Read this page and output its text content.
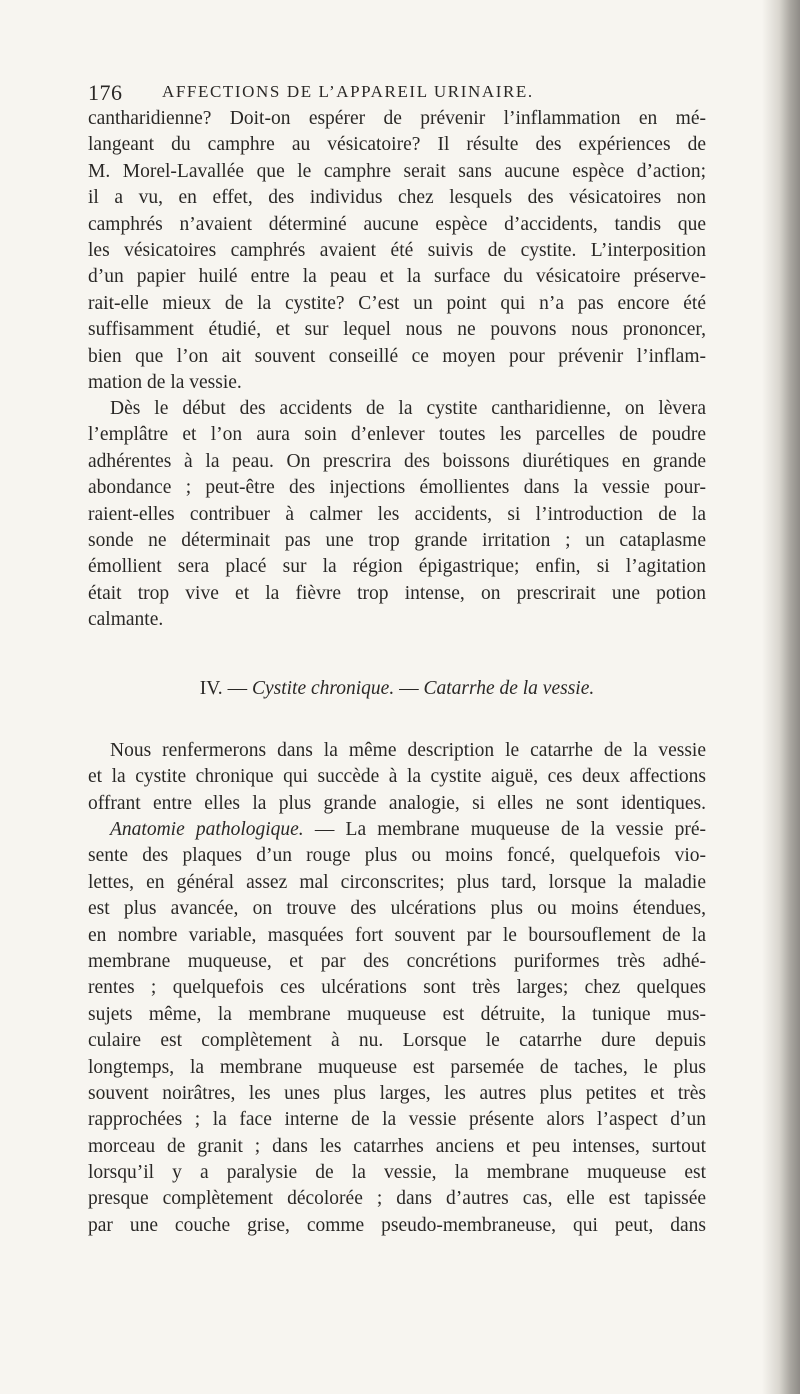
176 AFFECTIONS DE L’APPAREIL URINAIRE.
cantharidienne? Doit-on espérer de prévenir l’inflammation en mé-
langeant du camphre au vésicatoire? Il résulte des expériences de
M. Morel-Lavallée que le camphre serait sans aucune espèce d’action;
il a vu, en effet, des individus chez lesquels des vésicatoires non
camphrés n’avaient déterminé aucune espèce d’accidents, tandis que
les vésicatoires camphrés avaient été suivis de cystite. L’interposition
d’un papier huilé entre la peau et la surface du vésicatoire préserve-
rait-elle mieux de la cystite? C’est un point qui n’a pas encore été
suffisamment étudié, et sur lequel nous ne pouvons nous prononcer,
bien que l’on ait souvent conseillé ce moyen pour prévenir l’inflam-
mation de la vessie.
Dès le début des accidents de la cystite cantharidienne, on lèvera
l’emplâtre et l’on aura soin d’enlever toutes les parcelles de poudre
adhérentes à la peau. On prescrira des boissons diurétiques en grande
abondance ; peut-être des injections émollientes dans la vessie pour-
raient-elles contribuer à calmer les accidents, si l’introduction de la
sonde ne déterminait pas une trop grande irritation ; un cataplasme
émollient sera placé sur la région épigastrique; enfin, si l’agitation
était trop vive et la fièvre trop intense, on prescrirait une potion
calmante.
IV. — Cystite chronique. — Catarrhe de la vessie.
Nous renfermerons dans la même description le catarrhe de la vessie
et la cystite chronique qui succède à la cystite aiguë, ces deux affections
offrant entre elles la plus grande analogie, si elles ne sont identiques.
Anatomie pathologique. — La membrane muqueuse de la vessie pré-
sente des plaques d’un rouge plus ou moins foncé, quelquefois vio-
lettes, en général assez mal circonscrites; plus tard, lorsque la maladie
est plus avancée, on trouve des ulcérations plus ou moins étendues,
en nombre variable, masquées fort souvent par le boursouflement de la
membrane muqueuse, et par des concrétions puriformes très adhé-
rentes ; quelquefois ces ulcérations sont très larges; chez quelques
sujets même, la membrane muqueuse est détruite, la tunique mus-
culaire est complètement à nu. Lorsque le catarrhe dure depuis
longtemps, la membrane muqueuse est parsemée de taches, le plus
souvent noirâtres, les unes plus larges, les autres plus petites et très
rapprochées ; la face interne de la vessie présente alors l’aspect d’un
morceau de granit ; dans les catarrhes anciens et peu intenses, surtout
lorsqu’il y a paralysie de la vessie, la membrane muqueuse est
presque complètement décolorée ; dans d’autres cas, elle est tapissée
par une couche grise, comme pseudo-membraneuse, qui peut, dans
